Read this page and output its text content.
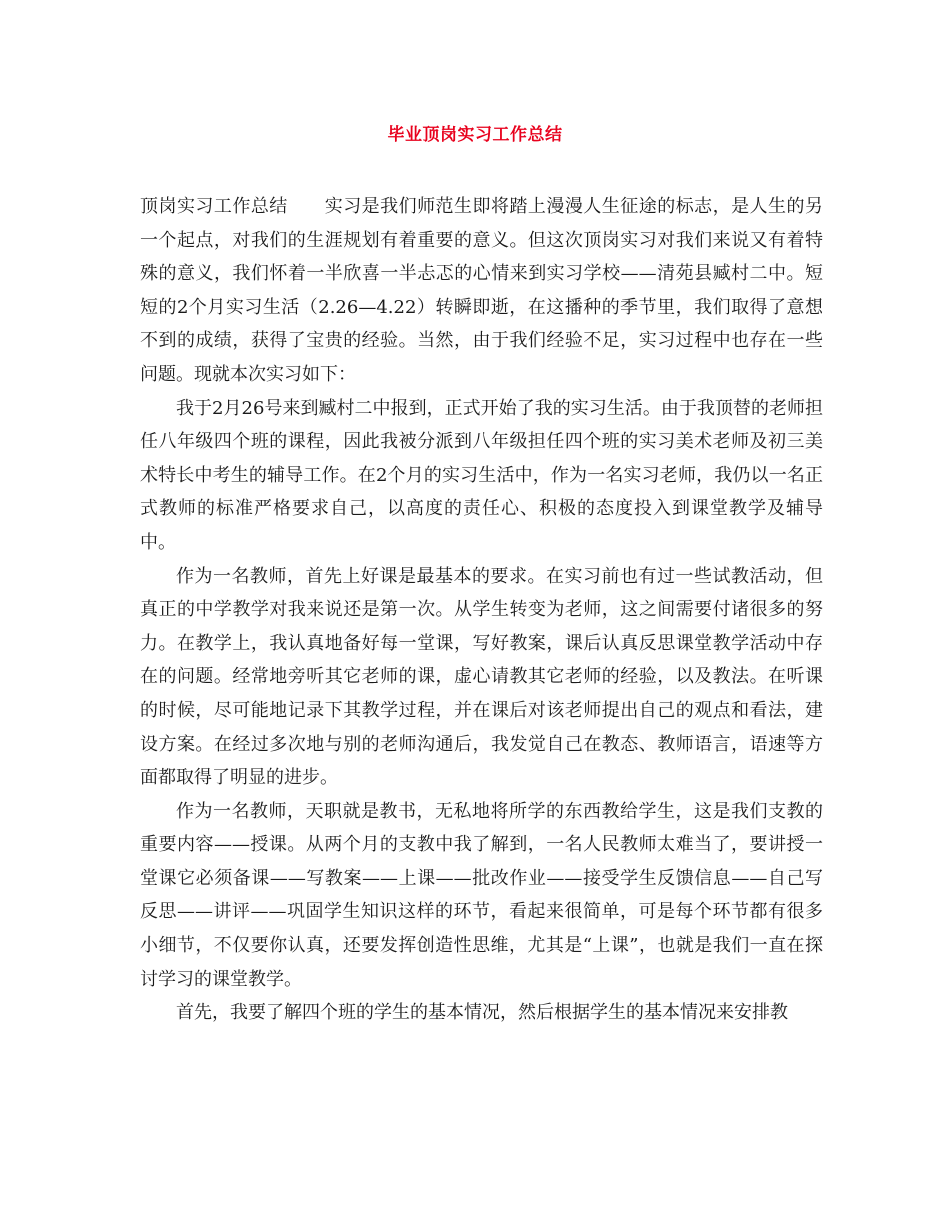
毕业顶岗实习工作总结

顶岗实习工作总结　　实习是我们师范生即将踏上漫漫人生征途的标志，是人生的另一个起点，对我们的生涯规划有着重要的意义。但这次顶岗实习对我们来说又有着特殊的意义，我们怀着一半欣喜一半忐忑的心情来到实习学校——清苑县臧村二中。短短的2个月实习生活（2.26—4.22）转瞬即逝，在这播种的季节里，我们取得了意想不到的成绩，获得了宝贵的经验。当然，由于我们经验不足，实习过程中也存在一些问题。现就本次实习如下：

我于2月26号来到臧村二中报到，正式开始了我的实习生活。由于我顶替的老师担任八年级四个班的课程，因此我被分派到八年级担任四个班的实习美术老师及初三美术特长中考生的辅导工作。在2个月的实习生活中，作为一名实习老师，我仍以一名正式教师的标准严格要求自己，以高度的责任心、积极的态度投入到课堂教学及辅导中。

作为一名教师，首先上好课是最基本的要求。在实习前也有过一些试教活动，但真正的中学教学对我来说还是第一次。从学生转变为老师，这之间需要付诸很多的努力。在教学上，我认真地备好每一堂课，写好教案，课后认真反思课堂教学活动中存在的问题。经常地旁听其它老师的课，虚心请教其它老师的经验，以及教法。在听课的时候，尽可能地记录下其教学过程，并在课后对该老师提出自己的观点和看法，建设方案。在经过多次地与别的老师沟通后，我发觉自己在教态、教师语言，语速等方面都取得了明显的进步。

作为一名教师，天职就是教书，无私地将所学的东西教给学生，这是我们支教的重要内容——授课。从两个月的支教中我了解到，一名人民教师太难当了，要讲授一堂课它必须备课——写教案——上课——批改作业——接受学生反馈信息——自己写反思——讲评——巩固学生知识这样的环节，看起来很简单，可是每个环节都有很多小细节，不仅要你认真，还要发挥创造性思维，尤其是“上课”，也就是我们一直在探讨学习的课堂教学。

首先，我要了解四个班的学生的基本情况，然后根据学生的基本情况来安排教
